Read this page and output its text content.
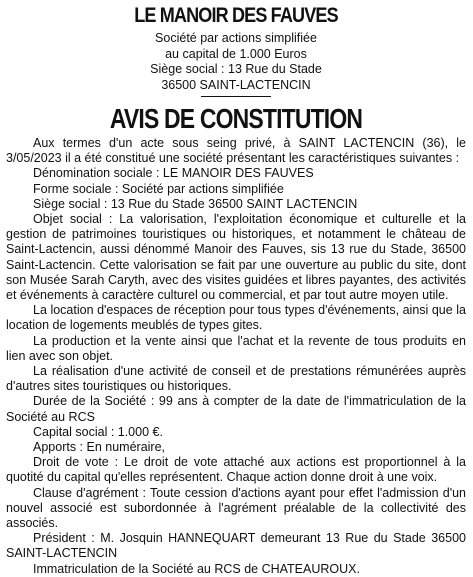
LE MANOIR DES FAUVES
Société par actions simplifiée
au capital de 1.000 Euros
Siège social : 13 Rue du Stade
36500 SAINT-LACTENCIN
AVIS DE CONSTITUTION

Aux termes d'un acte sous seing privé, à SAINT LACTENCIN (36), le 3/05/2023 il a été constitué une société présentant les caractéristiques suivantes :

Dénomination sociale : LE MANOIR DES FAUVES

Forme sociale : Société par actions simplifiée

Siège social : 13 Rue du Stade 36500 SAINT LACTENCIN

Objet social : La valorisation, l'exploitation économique et culturelle et la gestion de patrimoines touristiques ou historiques, et notamment le château de Saint-Lactencin, aussi dénommé Manoir des Fauves, sis 13 rue du Stade, 36500 Saint-Lactencin. Cette valorisation se fait par une ouverture au public du site, dont son Musée Sarah Caryth, avec des visites guidées et libres payantes, des activités et événements à caractère culturel ou commercial, et par tout autre moyen utile.

La location d'espaces de réception pour tous types d'événements, ainsi que la location de logements meublés de types gites.

La production et la vente ainsi que l'achat et la revente de tous produits en lien avec son objet.

La réalisation d'une activité de conseil et de prestations rémunérées auprès d'autres sites touristiques ou historiques.

Durée de la Société : 99 ans à compter de la date de l'immatriculation de la Société au RCS

Capital social : 1.000 €.

Apports : En numéraire,

Droit de vote : Le droit de vote attaché aux actions est proportionnel à la quotité du capital qu'elles représentent. Chaque action donne droit à une voix.

Clause d'agrément : Toute cession d'actions ayant pour effet l'admission d'un nouvel associé est subordonnée à l'agrément préalable de la collectivité des associés.

Président : M. Josquin HANNEQUART demeurant 13 Rue du Stade 36500 SAINT-LACTENCIN

Immatriculation de la Société au RCS de CHATEAUROUX.
